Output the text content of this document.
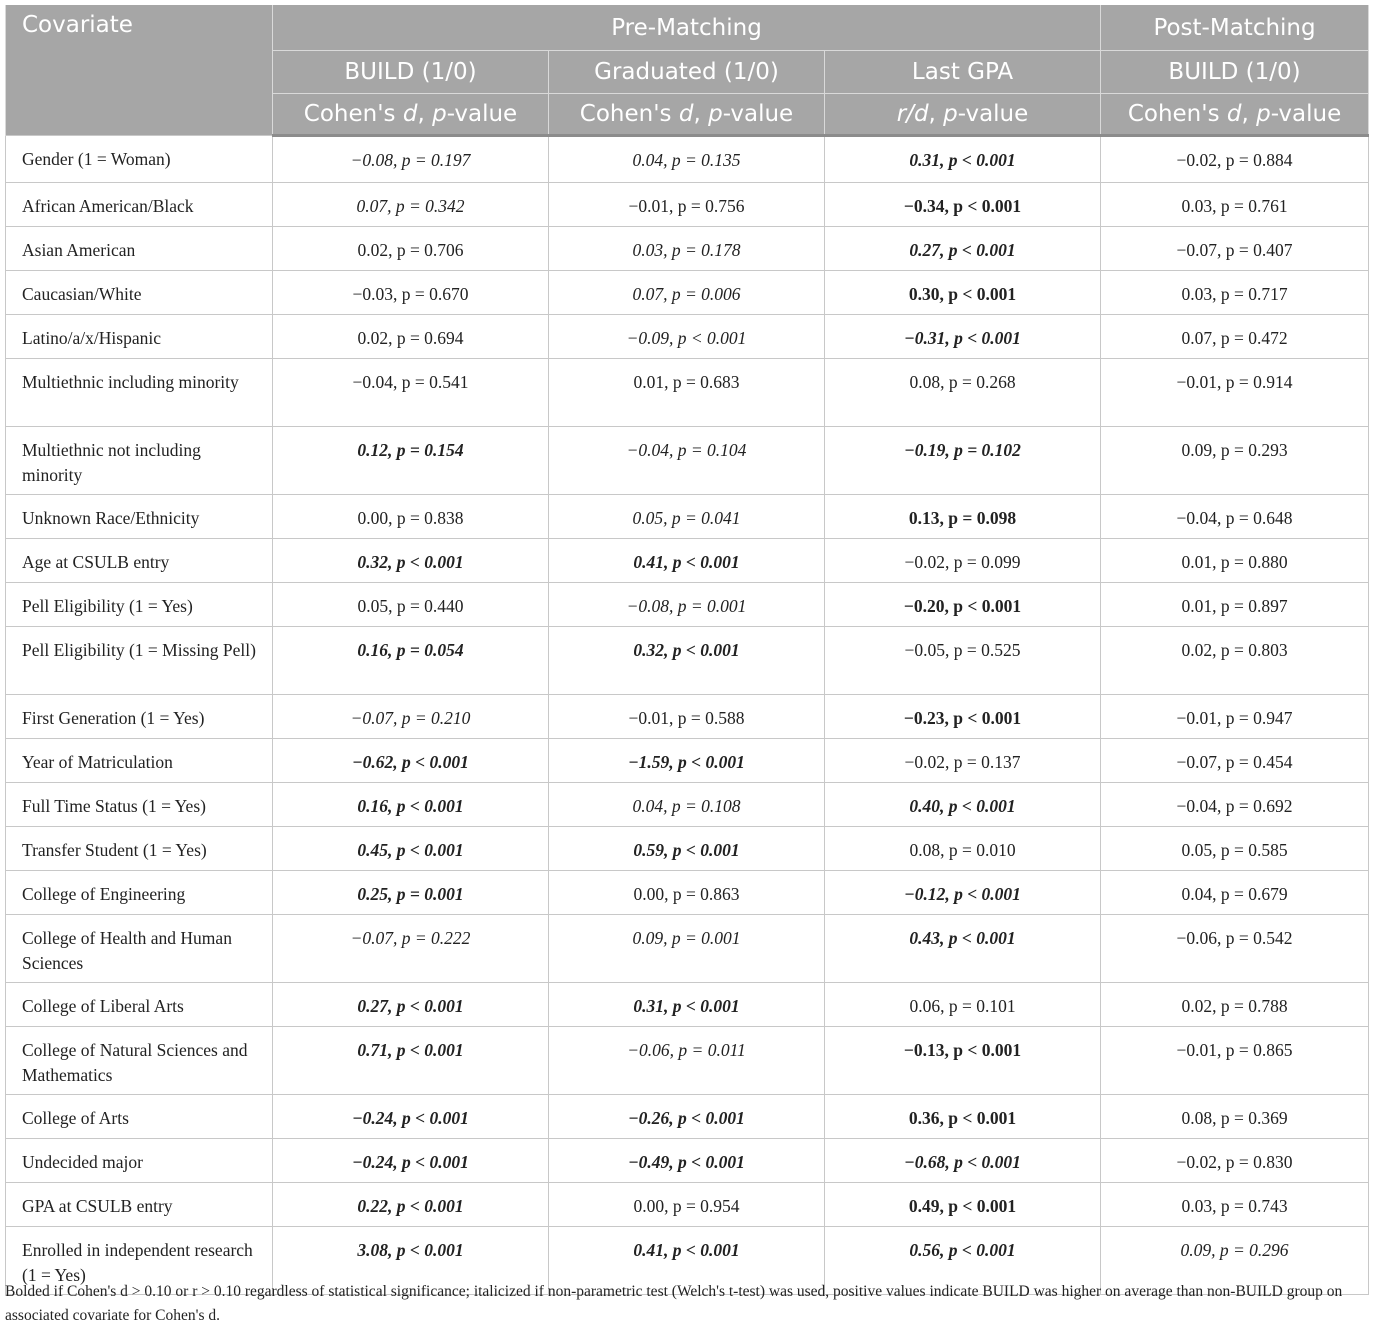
Covariate	Pre-Matching			Post-Matching
	BUILD (1/0)	Graduated (1/0)	Last GPA	BUILD (1/0)
	Cohen's d, p-value	Cohen's d, p-value	r/d, p-value	Cohen's d, p-value
Gender (1 = Woman)	−0.08, p = 0.197	0.04, p = 0.135	0.31, p < 0.001	−0.02, p = 0.884
African American/Black	0.07, p = 0.342	−0.01, p = 0.756	−0.34, p < 0.001	0.03, p = 0.761
Asian American	0.02, p = 0.706	0.03, p = 0.178	0.27, p < 0.001	−0.07, p = 0.407
Caucasian/White	−0.03, p = 0.670	0.07, p = 0.006	0.30, p < 0.001	0.03, p = 0.717
Latino/a/x/Hispanic	0.02, p = 0.694	−0.09, p < 0.001	−0.31, p < 0.001	0.07, p = 0.472
Multiethnic including minority	−0.04, p = 0.541	0.01, p = 0.683	0.08, p = 0.268	−0.01, p = 0.914
Multiethnic not including minority	0.12, p = 0.154	−0.04, p = 0.104	−0.19, p = 0.102	0.09, p = 0.293
Unknown Race/Ethnicity	0.00, p = 0.838	0.05, p = 0.041	0.13, p = 0.098	−0.04, p = 0.648
Age at CSULB entry	0.32, p < 0.001	0.41, p < 0.001	−0.02, p = 0.099	0.01, p = 0.880
Pell Eligibility (1 = Yes)	0.05, p = 0.440	−0.08, p = 0.001	−0.20, p < 0.001	0.01, p = 0.897
Pell Eligibility (1 = Missing Pell)	0.16, p = 0.054	0.32, p < 0.001	−0.05, p = 0.525	0.02, p = 0.803
First Generation (1 = Yes)	−0.07, p = 0.210	−0.01, p = 0.588	−0.23, p < 0.001	−0.01, p = 0.947
Year of Matriculation	−0.62, p < 0.001	−1.59, p < 0.001	−0.02, p = 0.137	−0.07, p = 0.454
Full Time Status (1 = Yes)	0.16, p < 0.001	0.04, p = 0.108	0.40, p < 0.001	−0.04, p = 0.692
Transfer Student (1 = Yes)	0.45, p < 0.001	0.59, p < 0.001	0.08, p = 0.010	0.05, p = 0.585
College of Engineering	0.25, p = 0.001	0.00, p = 0.863	−0.12, p < 0.001	0.04, p = 0.679
College of Health and Human Sciences	−0.07, p = 0.222	0.09, p = 0.001	0.43, p < 0.001	−0.06, p = 0.542
College of Liberal Arts	0.27, p < 0.001	0.31, p < 0.001	0.06, p = 0.101	0.02, p = 0.788
College of Natural Sciences and Mathematics	0.71, p < 0.001	−0.06, p = 0.011	−0.13, p < 0.001	−0.01, p = 0.865
College of Arts	−0.24, p < 0.001	−0.26, p < 0.001	0.36, p < 0.001	0.08, p = 0.369
Undecided major	−0.24, p < 0.001	−0.49, p < 0.001	−0.68, p < 0.001	−0.02, p = 0.830
GPA at CSULB entry	0.22, p < 0.001	0.00, p = 0.954	0.49, p < 0.001	0.03, p = 0.743
Enrolled in independent research (1 = Yes)	3.08, p < 0.001	0.41, p < 0.001	0.56, p < 0.001	0.09, p = 0.296
Bolded if Cohen's d > 0.10 or r > 0.10 regardless of statistical significance; italicized if non-parametric test (Welch's t-test) was used, positive values indicate BUILD was higher on average than non-BUILD group on associated covariate for Cohen's d.
